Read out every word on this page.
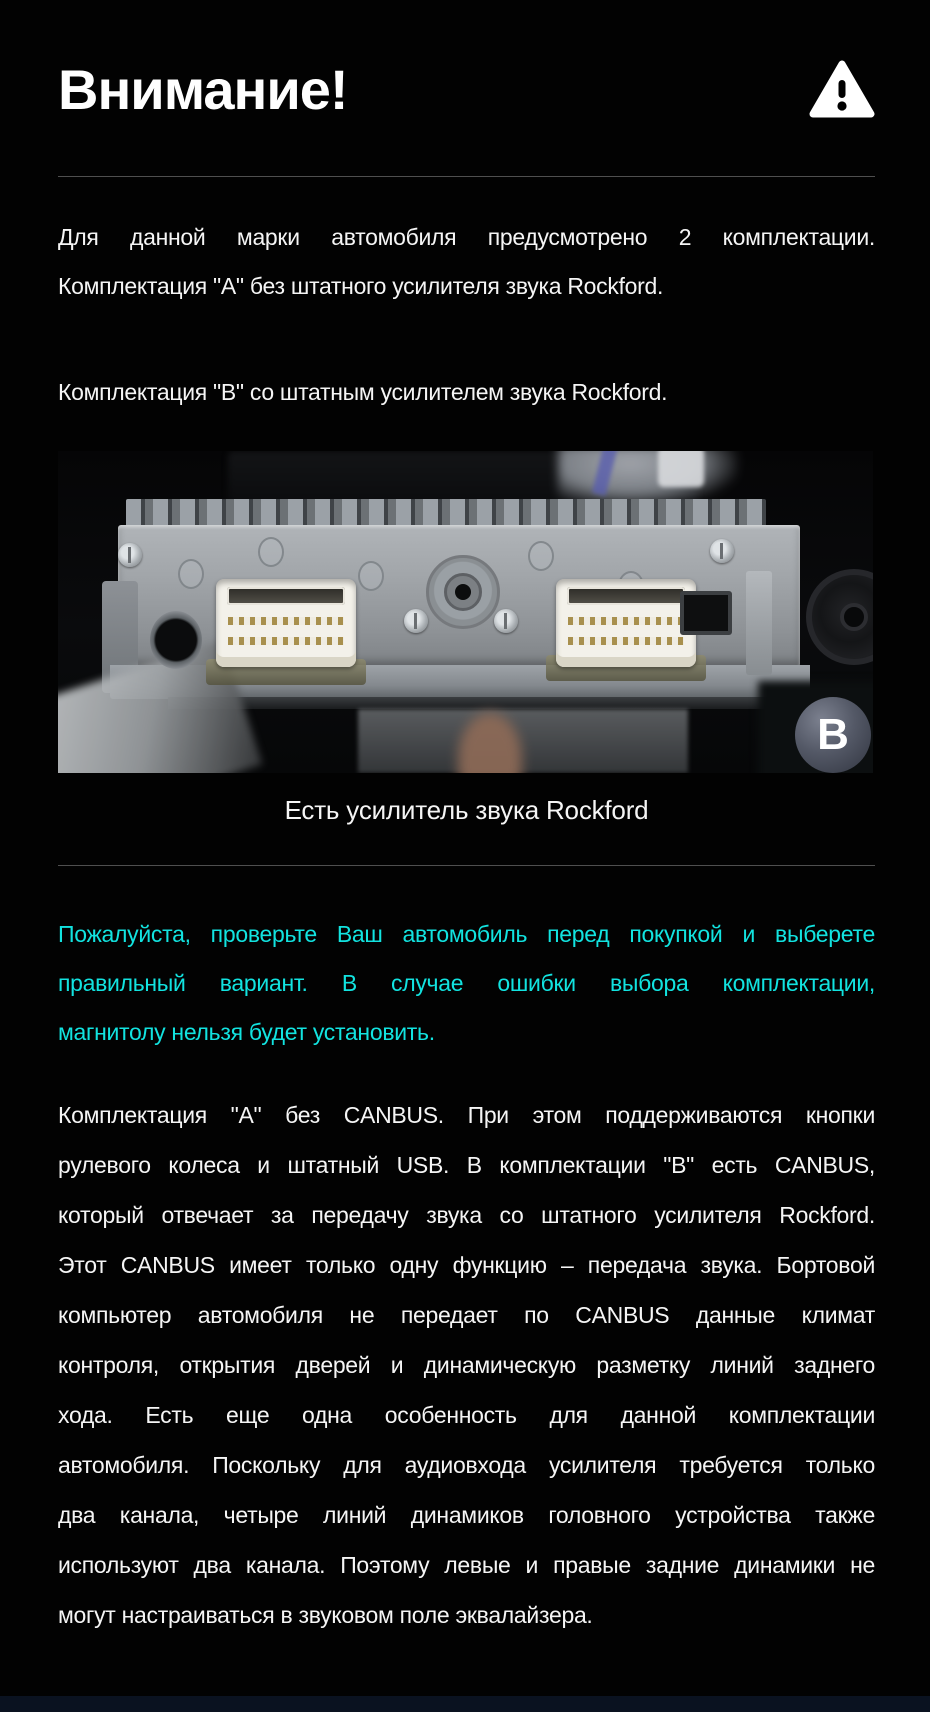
Внимание!
Для данной марки автомобиля предусмотрено 2 комплектации.
Комплектация "А" без штатного усилителя звука Rockford.
Комплектация "В" со штатным усилителем звука Rockford.
B
Есть усилитель звука Rockford
Пожалуйста, проверьте Ваш автомобиль перед покупкой и выберете
правильный вариант. В случае ошибки выбора комплектации,
магнитолу нельзя будет установить.
Комплектация "А" без CANBUS. При этом поддерживаются кнопки
рулевого колеса и штатный USB. В комплектации "В" есть CANBUS,
который отвечает за передачу звука со штатного усилителя Rockford.
Этот CANBUS имеет только одну функцию – передача звука. Бортовой
компьютер автомобиля не передает по CANBUS данные климат
контроля, открытия дверей и динамическую разметку линий заднего
хода. Есть еще одна особенность для данной комплектации
автомобиля. Поскольку для аудиовхода усилителя требуется только
два канала, четыре линий динамиков головного устройства также
используют два канала. Поэтому левые и правые задние динамики не
могут настраиваться в звуковом поле эквалайзера.
